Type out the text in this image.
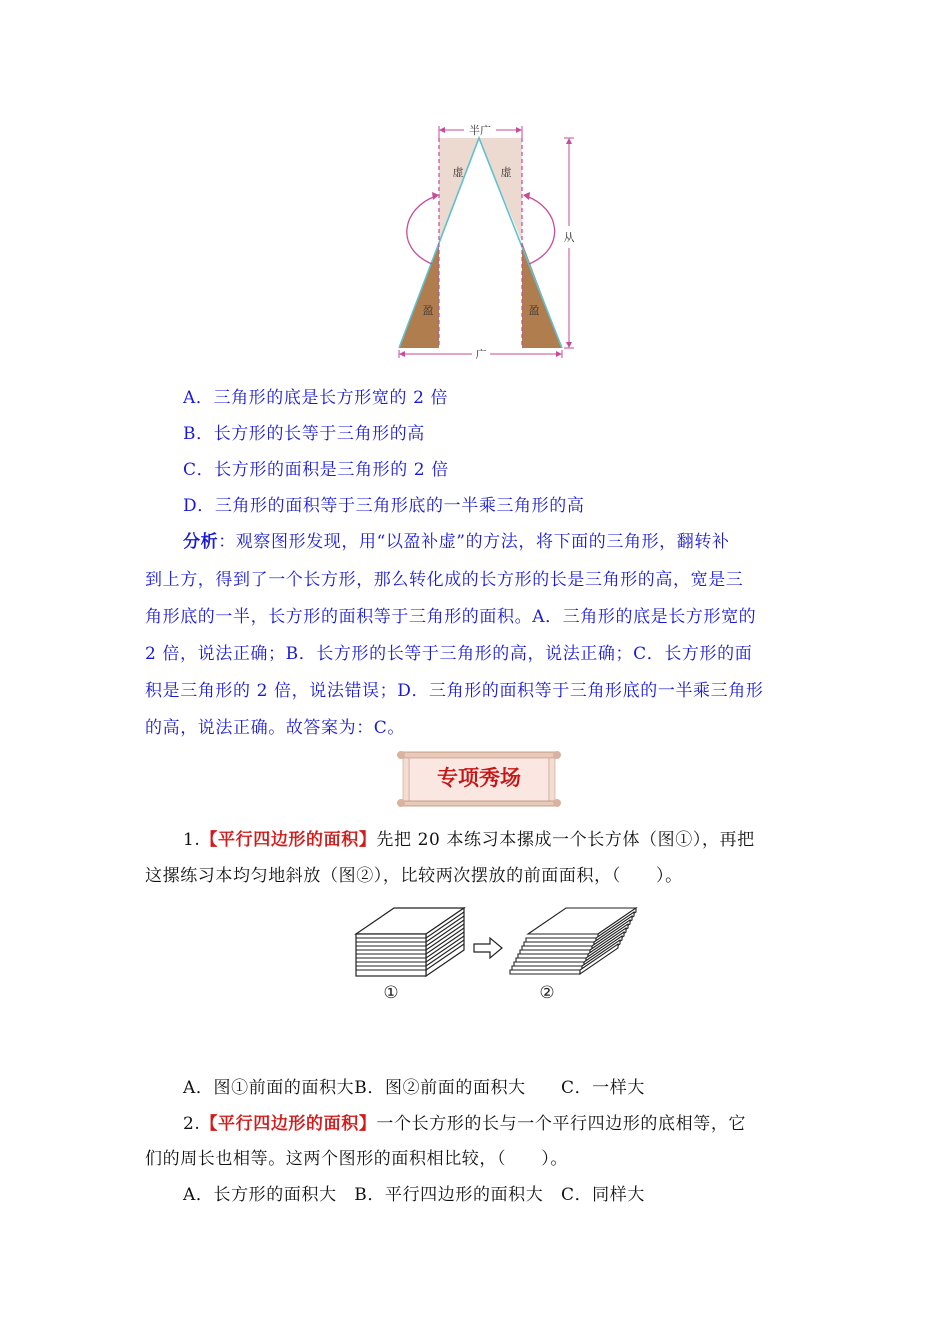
半广
虚	虚
盈	盈
从
广
A．三角形的底是长方形宽的 2 倍
B．长方形的长等于三角形的高
C．长方形的面积是三角形的 2 倍
D．三角形的面积等于三角形底的一半乘三角形的高
分析：观察图形发现，用“以盈补虚”的方法，将下面的三角形，翻转补
到上方，得到了一个长方形，那么转化成的长方形的长是三角形的高，宽是三
角形底的一半，长方形的面积等于三角形的面积。A．三角形的底是长方形宽的
2 倍，说法正确；B．长方形的长等于三角形的高，说法正确；C．长方形的面
积是三角形的 2 倍，说法错误；D．三角形的面积等于三角形底的一半乘三角形
的高，说法正确。故答案为：C。
专项秀场
1.【平行四边形的面积】先把 20 本练习本摞成一个长方体（图①），再把
这摞练习本均匀地斜放（图②），比较两次摆放的前面面积，（　　）。
①	②
A．图①前面的面积大B．图②前面的面积大　　C．一样大
2.【平行四边形的面积】一个长方形的长与一个平行四边形的底相等，它
们的周长也相等。这两个图形的面积相比较，（　　）。
A．长方形的面积大　B．平行四边形的面积大　C．同样大
